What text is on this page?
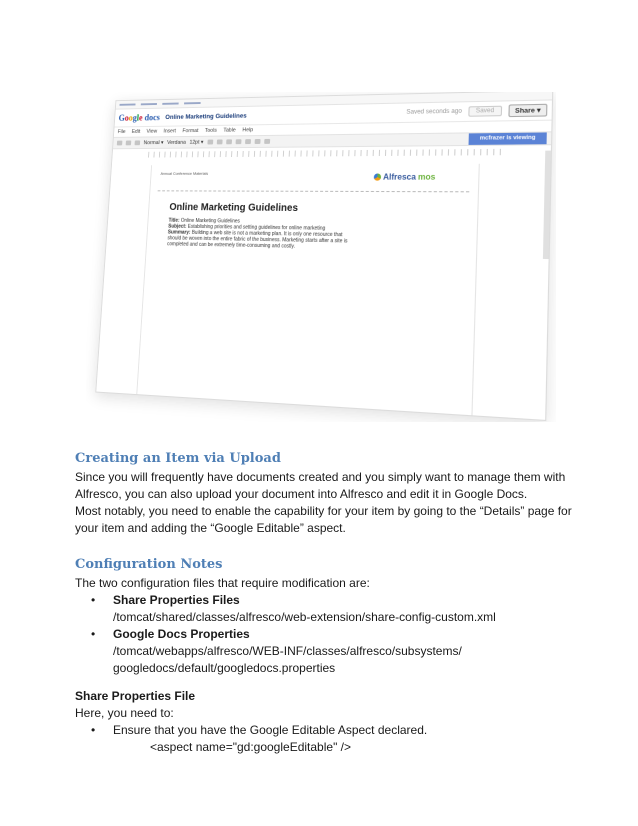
Google docs Online Marketing Guidelines
Saved seconds ago	Saved	Share ▾
File Edit View Insert Format Tools Table Help
Normal ▾ Verdana 12pt ▾
mcfrazer is viewing
Annual Conference Materials	Alfresca mos
Online Marketing Guidelines
Title: Online Marketing Guidelines
Subject: Establishing priorities and setting guidelines for online marketing
Summary: Building a web site is not a marketing plan. It is only one resource that should be woven into the entire fabric of the business. Marketing starts after a site is completed and can be extremely time-consuming and costly.
Creating an Item via Upload

Since you will frequently have documents created and you simply want to manage them with

Alfresco, you can also upload your document into Alfresco and edit it in Google Docs.

Most notably, you need to enable the capability for your item by going to the “Details” page for

your item and adding the “Google Editable” aspect.

Configuration Notes

The two configuration files that require modification are:

• Share Properties Files
/tomcat/shared/classes/alfresco/web-extension/share-config-custom.xml
• Google Docs Properties
/tomcat/webapps/alfresco/WEB-INF/classes/alfresco/subsystems/
googledocs/default/googledocs.properties

Share Properties File

Here, you need to:

• Ensure that you have the Google Editable Aspect declared.
<aspect name="gd:googleEditable" />
